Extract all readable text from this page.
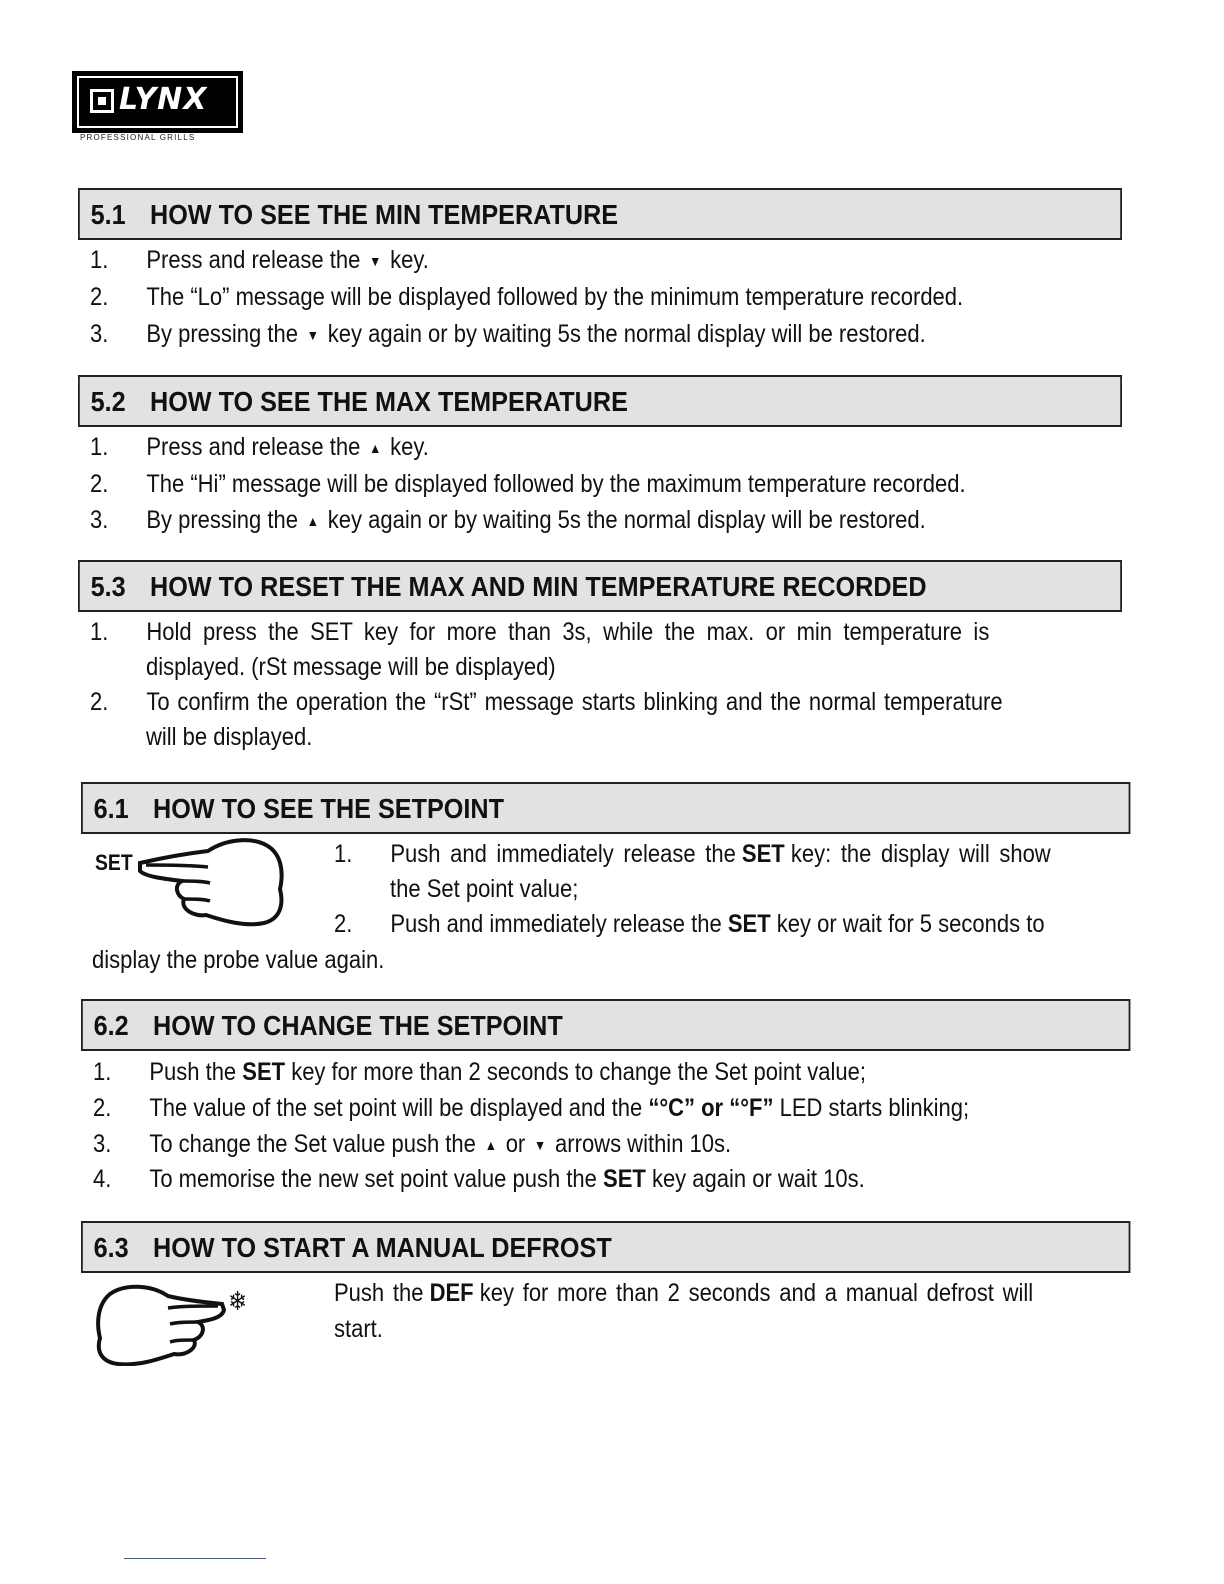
LYNX
PROFESSIONAL GRILLS
5.1 HOW TO SEE THE MIN TEMPERATURE
1. Press and release the ▼ key.
2. The “Lo” message will be displayed followed by the minimum temperature recorded.
3. By pressing the ▼ key again or by waiting 5s the normal display will be restored.
5.2 HOW TO SEE THE MAX TEMPERATURE
1. Press and release the ▲ key.
2. The “Hi” message will be displayed followed by the maximum temperature recorded.
3. By pressing the ▲ key again or by waiting 5s the normal display will be restored.
5.3 HOW TO RESET THE MAX AND MIN TEMPERATURE RECORDED
1. Hold press the SET key for more than 3s, while the max. or min temperature is
displayed. (rSt message will be displayed)
2. To confirm the operation the “rSt” message starts blinking and the normal temperature
will be displayed.
6.1 HOW TO SEE THE SETPOINT
SET	1. Push and immediately release the SET key: the display will show
the Set point value;
2. Push and immediately release the SET key or wait for 5 seconds to
display the probe value again.
6.2 HOW TO CHANGE THE SETPOINT
1. Push the SET key for more than 2 seconds to change the Set point value;
2. The value of the set point will be displayed and the “°C” or “°F” LED starts blinking;
3. To change the Set value push the ▲ or ▼ arrows within 10s.
4. To memorise the new set point value push the SET key again or wait 10s.
6.3 HOW TO START A MANUAL DEFROST
❄	Push the DEF key for more than 2 seconds and a manual defrost will
start.
